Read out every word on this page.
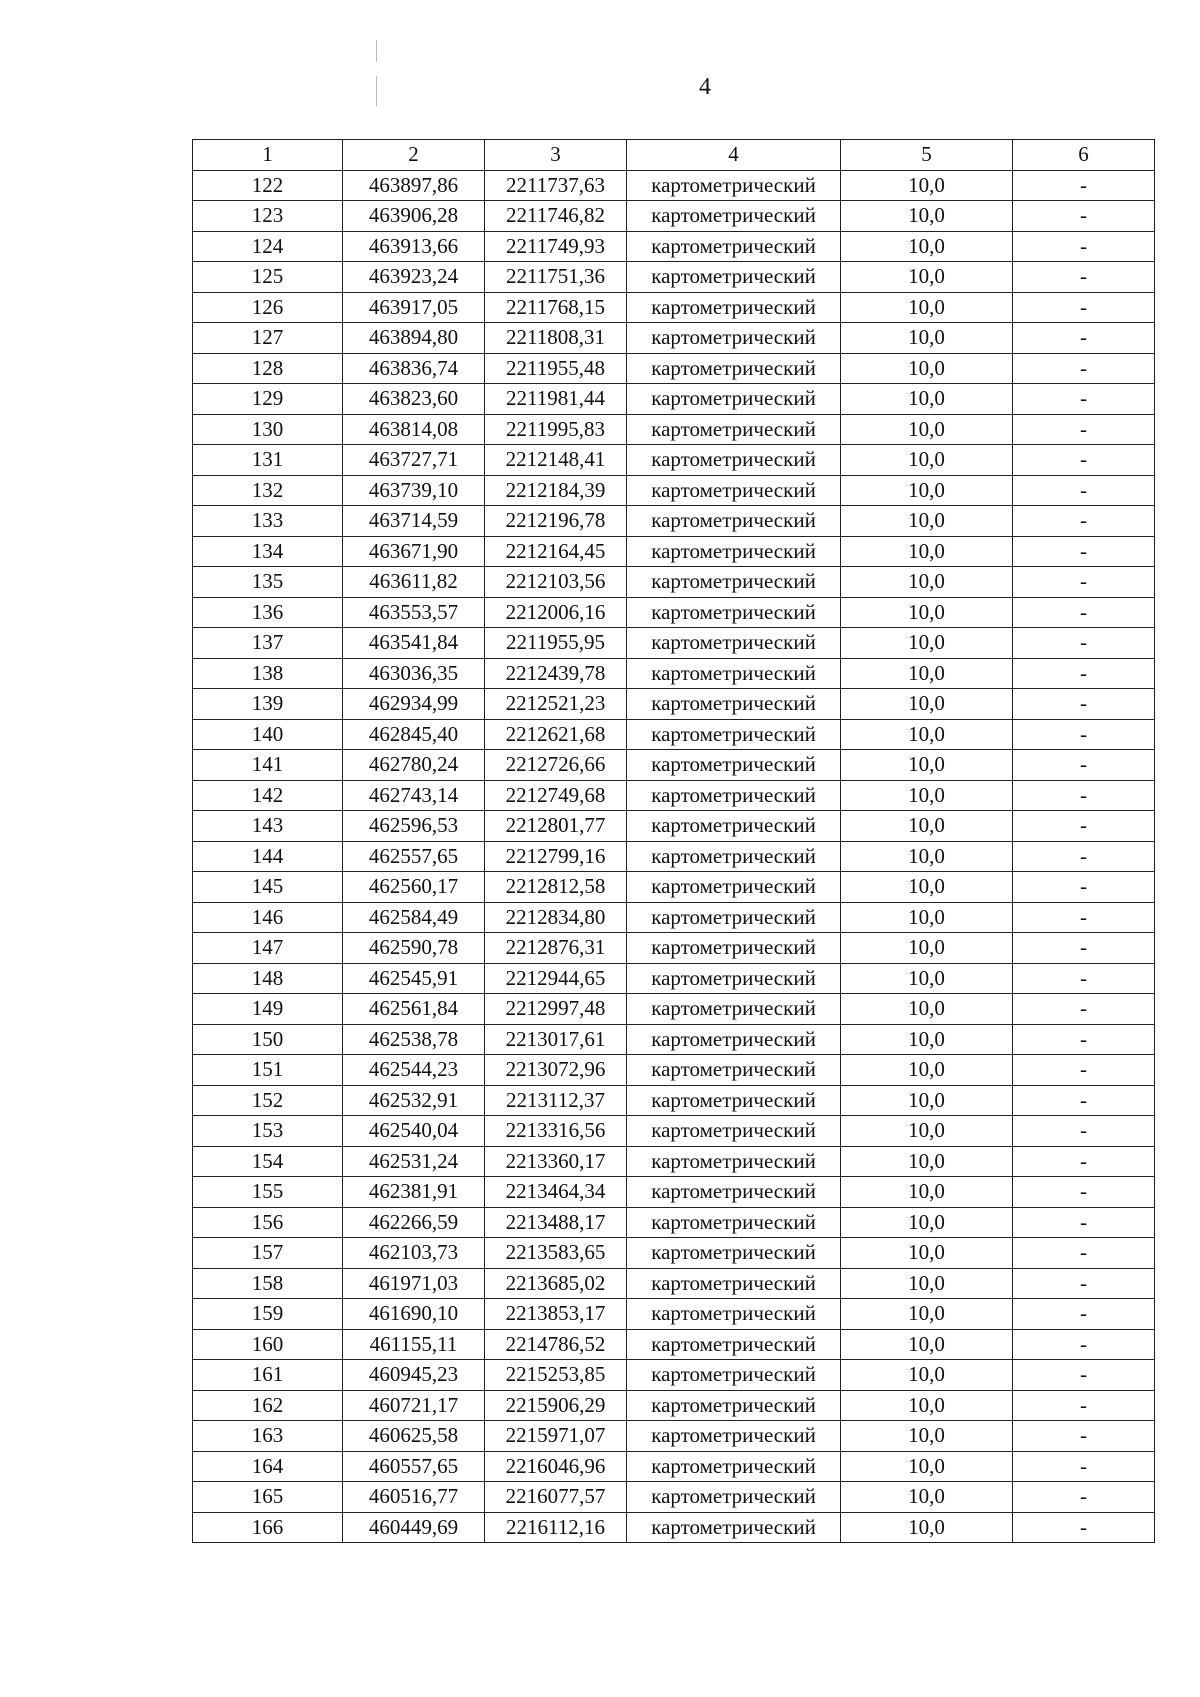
4
1	2	3	4	5	6
122	463897,86	2211737,63	картометрический	10,0	-
123	463906,28	2211746,82	картометрический	10,0	-
124	463913,66	2211749,93	картометрический	10,0	-
125	463923,24	2211751,36	картометрический	10,0	-
126	463917,05	2211768,15	картометрический	10,0	-
127	463894,80	2211808,31	картометрический	10,0	-
128	463836,74	2211955,48	картометрический	10,0	-
129	463823,60	2211981,44	картометрический	10,0	-
130	463814,08	2211995,83	картометрический	10,0	-
131	463727,71	2212148,41	картометрический	10,0	-
132	463739,10	2212184,39	картометрический	10,0	-
133	463714,59	2212196,78	картометрический	10,0	-
134	463671,90	2212164,45	картометрический	10,0	-
135	463611,82	2212103,56	картометрический	10,0	-
136	463553,57	2212006,16	картометрический	10,0	-
137	463541,84	2211955,95	картометрический	10,0	-
138	463036,35	2212439,78	картометрический	10,0	-
139	462934,99	2212521,23	картометрический	10,0	-
140	462845,40	2212621,68	картометрический	10,0	-
141	462780,24	2212726,66	картометрический	10,0	-
142	462743,14	2212749,68	картометрический	10,0	-
143	462596,53	2212801,77	картометрический	10,0	-
144	462557,65	2212799,16	картометрический	10,0	-
145	462560,17	2212812,58	картометрический	10,0	-
146	462584,49	2212834,80	картометрический	10,0	-
147	462590,78	2212876,31	картометрический	10,0	-
148	462545,91	2212944,65	картометрический	10,0	-
149	462561,84	2212997,48	картометрический	10,0	-
150	462538,78	2213017,61	картометрический	10,0	-
151	462544,23	2213072,96	картометрический	10,0	-
152	462532,91	2213112,37	картометрический	10,0	-
153	462540,04	2213316,56	картометрический	10,0	-
154	462531,24	2213360,17	картометрический	10,0	-
155	462381,91	2213464,34	картометрический	10,0	-
156	462266,59	2213488,17	картометрический	10,0	-
157	462103,73	2213583,65	картометрический	10,0	-
158	461971,03	2213685,02	картометрический	10,0	-
159	461690,10	2213853,17	картометрический	10,0	-
160	461155,11	2214786,52	картометрический	10,0	-
161	460945,23	2215253,85	картометрический	10,0	-
162	460721,17	2215906,29	картометрический	10,0	-
163	460625,58	2215971,07	картометрический	10,0	-
164	460557,65	2216046,96	картометрический	10,0	-
165	460516,77	2216077,57	картометрический	10,0	-
166	460449,69	2216112,16	картометрический	10,0	-
